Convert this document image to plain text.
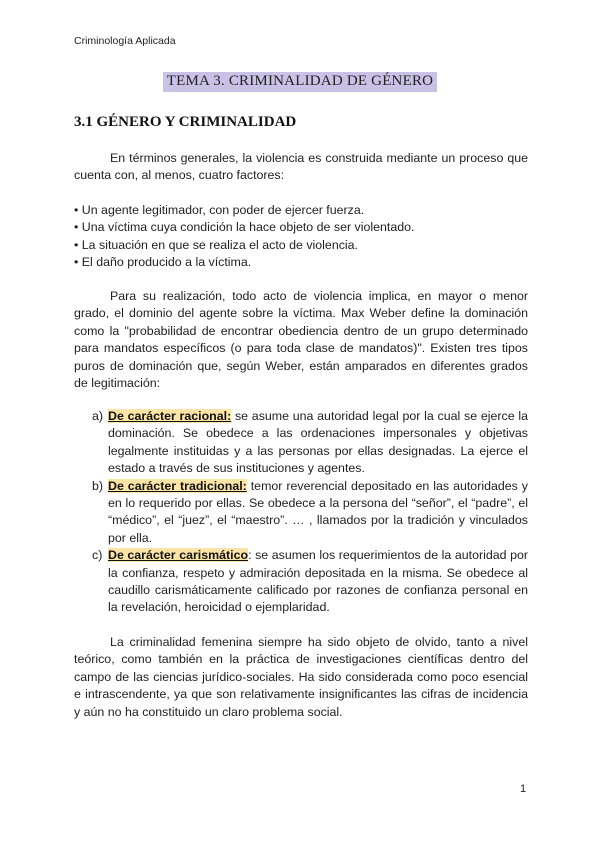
Criminología Aplicada
TEMA 3. CRIMINALIDAD DE GÉNERO
3.1 GÉNERO Y CRIMINALIDAD
En términos generales, la violencia es construida mediante un proceso que cuenta con, al menos, cuatro factores:
• Un agente legitimador, con poder de ejercer fuerza.
• Una víctima cuya condición la hace objeto de ser violentado.
• La situación en que se realiza el acto de violencia.
• El daño producido a la víctima.
Para su realización, todo acto de violencia implica, en mayor o menor grado, el dominio del agente sobre la víctima. Max Weber define la dominación como la "probabilidad de encontrar obediencia dentro de un grupo determinado para mandatos específicos (o para toda clase de mandatos)". Existen tres tipos puros de dominación que, según Weber, están amparados en diferentes grados de legitimación:
a) De carácter racional: se asume una autoridad legal por la cual se ejerce la dominación. Se obedece a las ordenaciones impersonales y objetivas legalmente instituidas y a las personas por ellas designadas. La ejerce el estado a través de sus instituciones y agentes.
b) De carácter tradicional: temor reverencial depositado en las autoridades y en lo requerido por ellas. Se obedece a la persona del “señor”, el “padre”, el “médico”, el “juez”, el “maestro”. … , llamados por la tradición y vinculados por ella.
c) De carácter carismático: se asumen los requerimientos de la autoridad por la confianza, respeto y admiración depositada en la misma. Se obedece al caudillo carismáticamente calificado por razones de confianza personal en la revelación, heroicidad o ejemplaridad.
La criminalidad femenina siempre ha sido objeto de olvido, tanto a nivel teórico, como también en la práctica de investigaciones científicas dentro del campo de las ciencias jurídico-sociales. Ha sido considerada como poco esencial e intrascendente, ya que son relativamente insignificantes las cifras de incidencia y aún no ha constituido un claro problema social.
1
